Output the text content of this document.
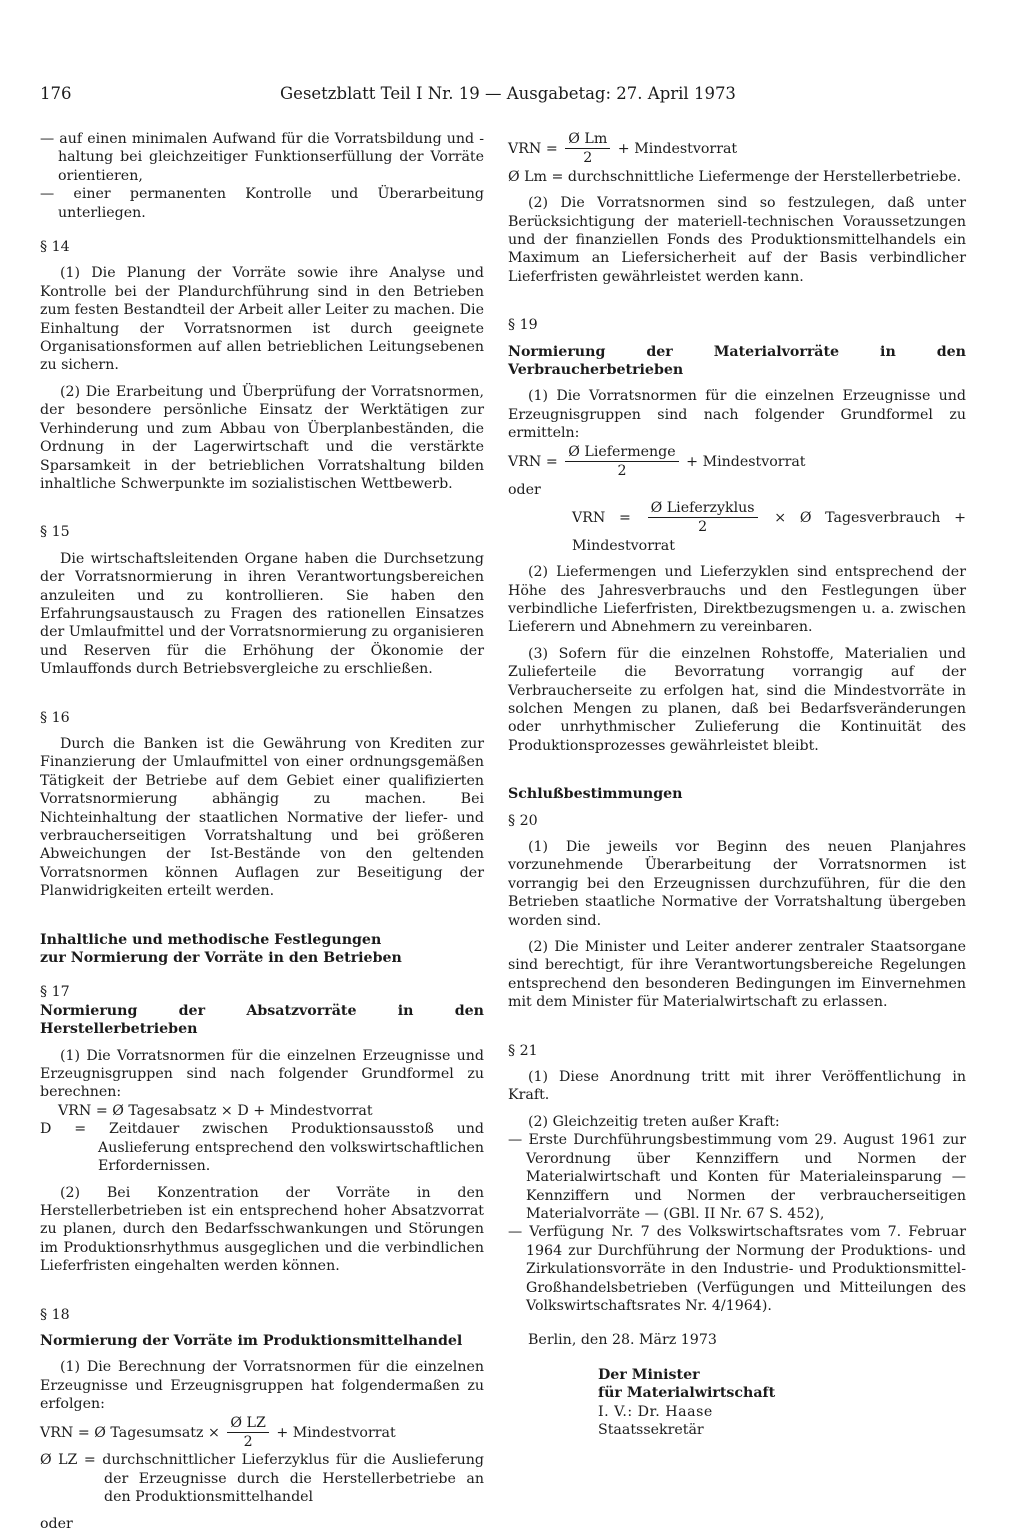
176	Gesetzblatt Teil I Nr. 19 — Ausgabetag: 27. April 1973

— auf einen minimalen Aufwand für die Vorratsbildung und -haltung bei gleichzeitiger Funktionserfüllung der Vorräte orientieren,

— einer permanenten Kontrolle und Überarbeitung unterliegen.

§ 14

(1) Die Planung der Vorräte sowie ihre Analyse und Kontrolle bei der Plandurchführung sind in den Betrieben zum festen Bestandteil der Arbeit aller Leiter zu machen. Die Einhaltung der Vorratsnormen ist durch geeignete Organisationsformen auf allen betrieblichen Leitungsebenen zu sichern.

(2) Die Erarbeitung und Überprüfung der Vorratsnormen, der besondere persönliche Einsatz der Werktätigen zur Verhinderung und zum Abbau von Überplanbeständen, die Ordnung in der Lagerwirtschaft und die verstärkte Sparsamkeit in der betrieblichen Vorratshaltung bilden inhaltliche Schwerpunkte im sozialistischen Wettbewerb.

§ 15

Die wirtschaftsleitenden Organe haben die Durchsetzung der Vorratsnormierung in ihren Verantwortungsbereichen anzuleiten und zu kontrollieren. Sie haben den Erfahrungsaustausch zu Fragen des rationellen Einsatzes der Umlaufmittel und der Vorratsnormierung zu organisieren und Reserven für die Erhöhung der Ökonomie der Umlauffonds durch Betriebsvergleiche zu erschließen.

§ 16

Durch die Banken ist die Gewährung von Krediten zur Finanzierung der Umlaufmittel von einer ordnungsgemäßen Tätigkeit der Betriebe auf dem Gebiet einer qualifizierten Vorratsnormierung abhängig zu machen. Bei Nichteinhaltung der staatlichen Normative der liefer- und verbraucherseitigen Vorratshaltung und bei größeren Abweichungen der Ist-Bestände von den geltenden Vorratsnormen können Auflagen zur Beseitigung der Planwidrigkeiten erteilt werden.

Inhaltliche und methodische Festlegungen

zur Normierung der Vorräte in den Betrieben

§ 17

Normierung der Absatzvorräte in den Herstellerbetrieben

(1) Die Vorratsnormen für die einzelnen Erzeugnisse und Erzeugnisgruppen sind nach folgender Grundformel zu berechnen:

VRN = Ø Tagesabsatz × D + Mindestvorrat

D = Zeitdauer zwischen Produktionsausstoß und Auslieferung entsprechend den volkswirtschaftlichen Erfordernissen.

(2) Bei Konzentration der Vorräte in den Herstellerbetrieben ist ein entsprechend hoher Absatzvorrat zu planen, durch den Bedarfsschwankungen und Störungen im Produktionsrhythmus ausgeglichen und die verbindlichen Lieferfristen eingehalten werden können.

§ 18

Normierung der Vorräte im Produktionsmittelhandel

(1) Die Berechnung der Vorratsnormen für die einzelnen Erzeugnisse und Erzeugnisgruppen hat folgendermaßen zu erfolgen:

VRN = Ø Tagesumsatz × $\frac{\text{Ø LZ}}{2}$ + Mindestvorrat

Ø LZ = durchschnittlicher Lieferzyklus für die Auslieferung der Erzeugnisse durch die Herstellerbetriebe an den Produktionsmittelhandel

oder

VRN = $\frac{\text{Ø Lm}}{2}$ + Mindestvorrat

Ø Lm = durchschnittliche Liefermenge der Herstellerbetriebe.

(2) Die Vorratsnormen sind so festzulegen, daß unter Berücksichtigung der materiell-technischen Voraussetzungen und der finanziellen Fonds des Produktionsmittelhandels ein Maximum an Liefersicherheit auf der Basis verbindlicher Lieferfristen gewährleistet werden kann.

§ 19

Normierung der Materialvorräte in den Verbraucherbetrieben

(1) Die Vorratsnormen für die einzelnen Erzeugnisse und Erzeugnisgruppen sind nach folgender Grundformel zu ermitteln:

VRN = $\frac{\text{Ø Liefermenge}}{2}$ + Mindestvorrat

oder

VRN = $\frac{\text{Ø Lieferzyklus}}{2}$ × Ø Tagesverbrauch + Mindestvorrat

(2) Liefermengen und Lieferzyklen sind entsprechend der Höhe des Jahresverbrauchs und den Festlegungen über verbindliche Lieferfristen, Direktbezugsmengen u. a. zwischen Lieferern und Abnehmern zu vereinbaren.

(3) Sofern für die einzelnen Rohstoffe, Materialien und Zulieferteile die Bevorratung vorrangig auf der Verbraucherseite zu erfolgen hat, sind die Mindestvorräte in solchen Mengen zu planen, daß bei Bedarfsveränderungen oder unrhythmischer Zulieferung die Kontinuität des Produktionsprozesses gewährleistet bleibt.

Schlußbestimmungen

§ 20

(1) Die jeweils vor Beginn des neuen Planjahres vorzunehmende Überarbeitung der Vorratsnormen ist vorrangig bei den Erzeugnissen durchzuführen, für die den Betrieben staatliche Normative der Vorratshaltung übergeben worden sind.

(2) Die Minister und Leiter anderer zentraler Staatsorgane sind berechtigt, für ihre Verantwortungsbereiche Regelungen entsprechend den besonderen Bedingungen im Einvernehmen mit dem Minister für Materialwirtschaft zu erlassen.

§ 21

(1) Diese Anordnung tritt mit ihrer Veröffentlichung in Kraft.

(2) Gleichzeitig treten außer Kraft:

— Erste Durchführungsbestimmung vom 29. August 1961 zur Verordnung über Kennziffern und Normen der Materialwirtschaft und Konten für Materialeinsparung — Kennziffern und Normen der verbraucherseitigen Materialvorräte — (GBl. II Nr. 67 S. 452),

— Verfügung Nr. 7 des Volkswirtschaftsrates vom 7. Februar 1964 zur Durchführung der Normung der Produktions- und Zirkulationsvorräte in den Industrie- und Produktionsmittel-Großhandelsbetrieben (Verfügungen und Mitteilungen des Volkswirtschaftsrates Nr. 4/1964).

Berlin, den 28. März 1973

Der Minister

für Materialwirtschaft

I. V.: Dr. Haase

Staatssekretär
